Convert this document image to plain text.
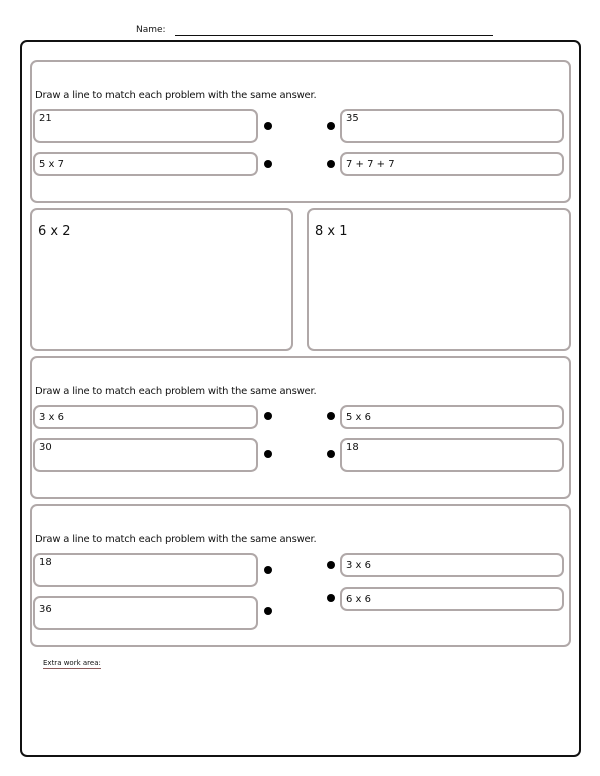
Name:
Draw a line to match each problem with the same answer.
21
5 x 7
35
7 + 7 + 7
6 x 2	8 x 1
Draw a line to match each problem with the same answer.
3 x 6
30
5 x 6
18
Draw a line to match each problem with the same answer.
18
36
3 x 6
6 x 6
Extra work area:
